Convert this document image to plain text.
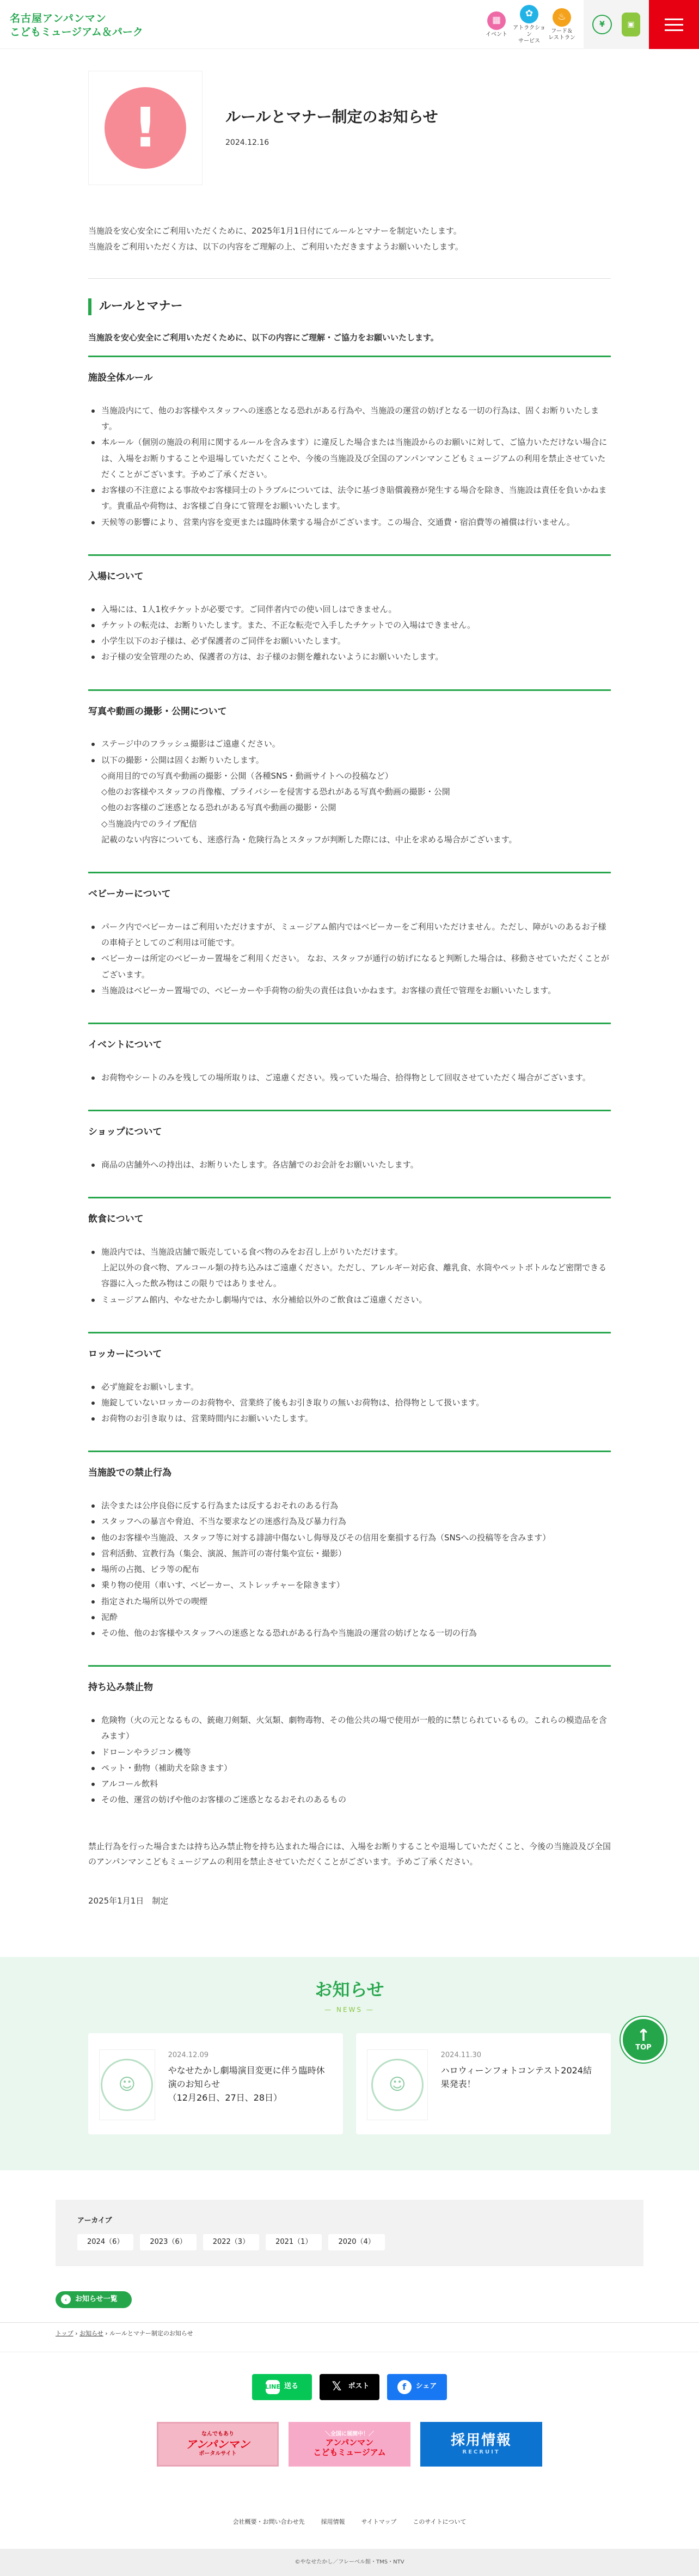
名古屋アンパンマン
こどもミュージアム＆パーク
▦
イベント
✿
アトラクション
サービス
♨
フード＆
レストラン
¥	▣
!	ルールとマナー制定のお知らせ
2024.12.16

当施設を安心安全にご利用いただくために、2025年1月1日付にてルールとマナーを制定いたします。

当施設をご利用いただく方は、以下の内容をご理解の上、ご利用いただきますようお願いいたします。

ルールとマナー

当施設を安心安全にご利用いただくために、以下の内容にご理解・ご協力をお願いいたします。

施設全体ルール
当施設内にて、他のお客様やスタッフへの迷惑となる恐れがある行為や、当施設の運営の妨げとなる一切の行為は、固くお断りいたします。
本ルール（個別の施設の利用に関するルールを含みます）に違反した場合または当施設からのお願いに対して、ご協力いただけない場合には、入場をお断りすることや退場していただくことや、今後の当施設及び全国のアンパンマンこどもミュージアムの利用を禁止させていただくことがございます。予めご了承ください。
お客様の不注意による事故やお客様同士のトラブルについては、法令に基づき賠償義務が発生する場合を除き、当施設は責任を負いかねます。貴重品や荷物は、お客様ご自身にて管理をお願いいたします。
天候等の影響により、営業内容を変更または臨時休業する場合がございます。この場合、交通費・宿泊費等の補償は行いません。
入場について
入場には、1人1枚チケットが必要です。ご同伴者内での使い回しはできません。
チケットの転売は、お断りいたします。また、不正な転売で入手したチケットでの入場はできません。
小学生以下のお子様は、必ず保護者のご同伴をお願いいたします。
お子様の安全管理のため、保護者の方は、お子様のお側を離れないようにお願いいたします。
写真や動画の撮影・公開について
ステージ中のフラッシュ撮影はご遠慮ください。
以下の撮影・公開は固くお断りいたします。

◇商用目的での写真や動画の撮影・公開（各種SNS・動画サイトへの投稿など）

◇他のお客様やスタッフの肖像権、プライバシーを侵害する恐れがある写真や動画の撮影・公開

◇他のお客様のご迷惑となる恐れがある写真や動画の撮影・公開

◇当施設内でのライブ配信

記載のない内容についても、迷惑行為・危険行為とスタッフが判断した際には、中止を求める場合がございます。

ベビーカーについて
パーク内でベビーカーはご利用いただけますが、ミュージアム館内ではベビーカーをご利用いただけません。ただし、障がいのあるお子様の車椅子としてのご利用は可能です。
ベビーカーは所定のベビーカー置場をご利用ください。 なお、スタッフが通行の妨げになると判断した場合は、移動させていただくことがございます。
当施設はベビーカー置場での、ベビーカーや手荷物の紛失の責任は負いかねます。お客様の責任で管理をお願いいたします。
イベントについて
お荷物やシートのみを残しての場所取りは、ご遠慮ください。残っていた場合、拾得物として回収させていただく場合がございます。
ショップについて
商品の店舗外への持出は、お断りいたします。各店舗でのお会計をお願いいたします。
飲食について
施設内では、当施設店舗で販売している食べ物のみをお召し上がりいただけます。
上記以外の食べ物、アルコール類の持ち込みはご遠慮ください。ただし、アレルギー対応食、離乳食、水筒やペットボトルなど密閉できる容器に入った飲み物はこの限りではありません。
ミュージアム館内、やなせたかし劇場内では、水分補給以外のご飲食はご遠慮ください。
ロッカーについて
必ず施錠をお願いします。
施錠していないロッカーのお荷物や、営業終了後もお引き取りの無いお荷物は、拾得物として扱います。
お荷物のお引き取りは、営業時間内にお願いいたします。
当施設での禁止行為
法令または公序良俗に反する行為または反するおそれのある行為
スタッフへの暴言や脅迫、不当な要求などの迷惑行為及び暴力行為
他のお客様や当施設、スタッフ等に対する誹謗中傷ないし侮辱及びその信用を棄損する行為（SNSへの投稿等を含みます）
営利活動、宣教行為（集会、演説、無許可の寄付集や宣伝・撮影）
場所の占拠、ビラ等の配布
乗り物の使用（車いす、ベビーカー、ストレッチャーを除きます）
指定された場所以外での喫煙
泥酔
その他、他のお客様やスタッフへの迷惑となる恐れがある行為や当施設の運営の妨げとなる一切の行為
持ち込み禁止物
危険物（火の元となるもの、銃砲刀剣類、火気類、劇物毒物、その他公共の場で使用が一般的に禁じられているもの。これらの模造品を含みます）
ドローンやラジコン機等
ペット・動物（補助犬を除きます）
アルコール飲料
その他、運営の妨げや他のお客様のご迷惑となるおそれのあるもの

禁止行為を行った場合または持ち込み禁止物を持ち込まれた場合には、入場をお断りすることや退場していただくこと、今後の当施設及び全国のアンパンマンこどもミュージアムの利用を禁止させていただくことがございます。予めご了承ください。

2025年1月1日　制定

お知らせ
— NEWS —
☺
2024.12.09
やなせたかし劇場演目変更に伴う臨時休演のお知らせ
（12月26日、27日、28日）
☺
2024.11.30
ハロウィーンフォトコンテスト2024結果発表！
↑
TOP
アーカイブ
2024（6）	2023（6）	2022（3）	2021（1）	2020（4）
‹	お知らせ一覧
トップ › お知らせ › ルールとマナー制定のお知らせ
LINE 送る	𝕏 ポスト	f	シェア
なんでもあり
アンパンマン
ポータルサイト
＼全国に展開中！／
アンパンマン
こどもミュージアム
採用情報
RECRUIT
会社概要・お問い合わせ先	採用情報	サイトマップ	このサイトについて
©やなせたかし／フレーベル館・TMS・NTV
